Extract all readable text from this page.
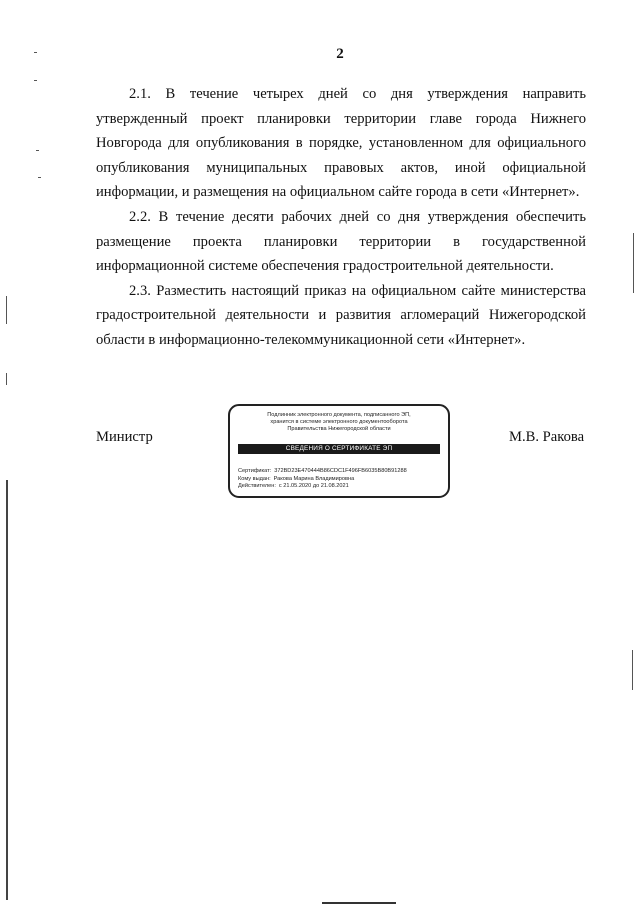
2

2.1. В течение четырех дней со дня утверждения направить утвержденный проект планировки территории главе города Нижнего Новгорода для опубликования в порядке, установленном для официального опубликования муниципальных правовых актов, иной официальной информации, и размещения на официальном сайте города в сети «Интернет».

2.2. В течение десяти рабочих дней со дня утверждения обеспечить размещение проекта планировки территории в государственной информационной системе обеспечения градостроительной деятельности.

2.3. Разместить настоящий приказ на официальном сайте министерства градостроительной деятельности и развития агломераций Нижегородской области в информационно-телекоммуникационной сети «Интернет».

Министр	М.В. Ракова
Подлинник электронного документа, подписанного ЭП,
хранится в системе электронного документооборота
Правительства Нижегородской области
СВЕДЕНИЯ О СЕРТИФИКАТЕ ЭП
Сертификат: 372BD23E470444B86CDC1F496FB6035B80B91288
Кому выдан: Ракова Марина Владимировна
Действителен: с 21.05.2020 до 21.08.2021
